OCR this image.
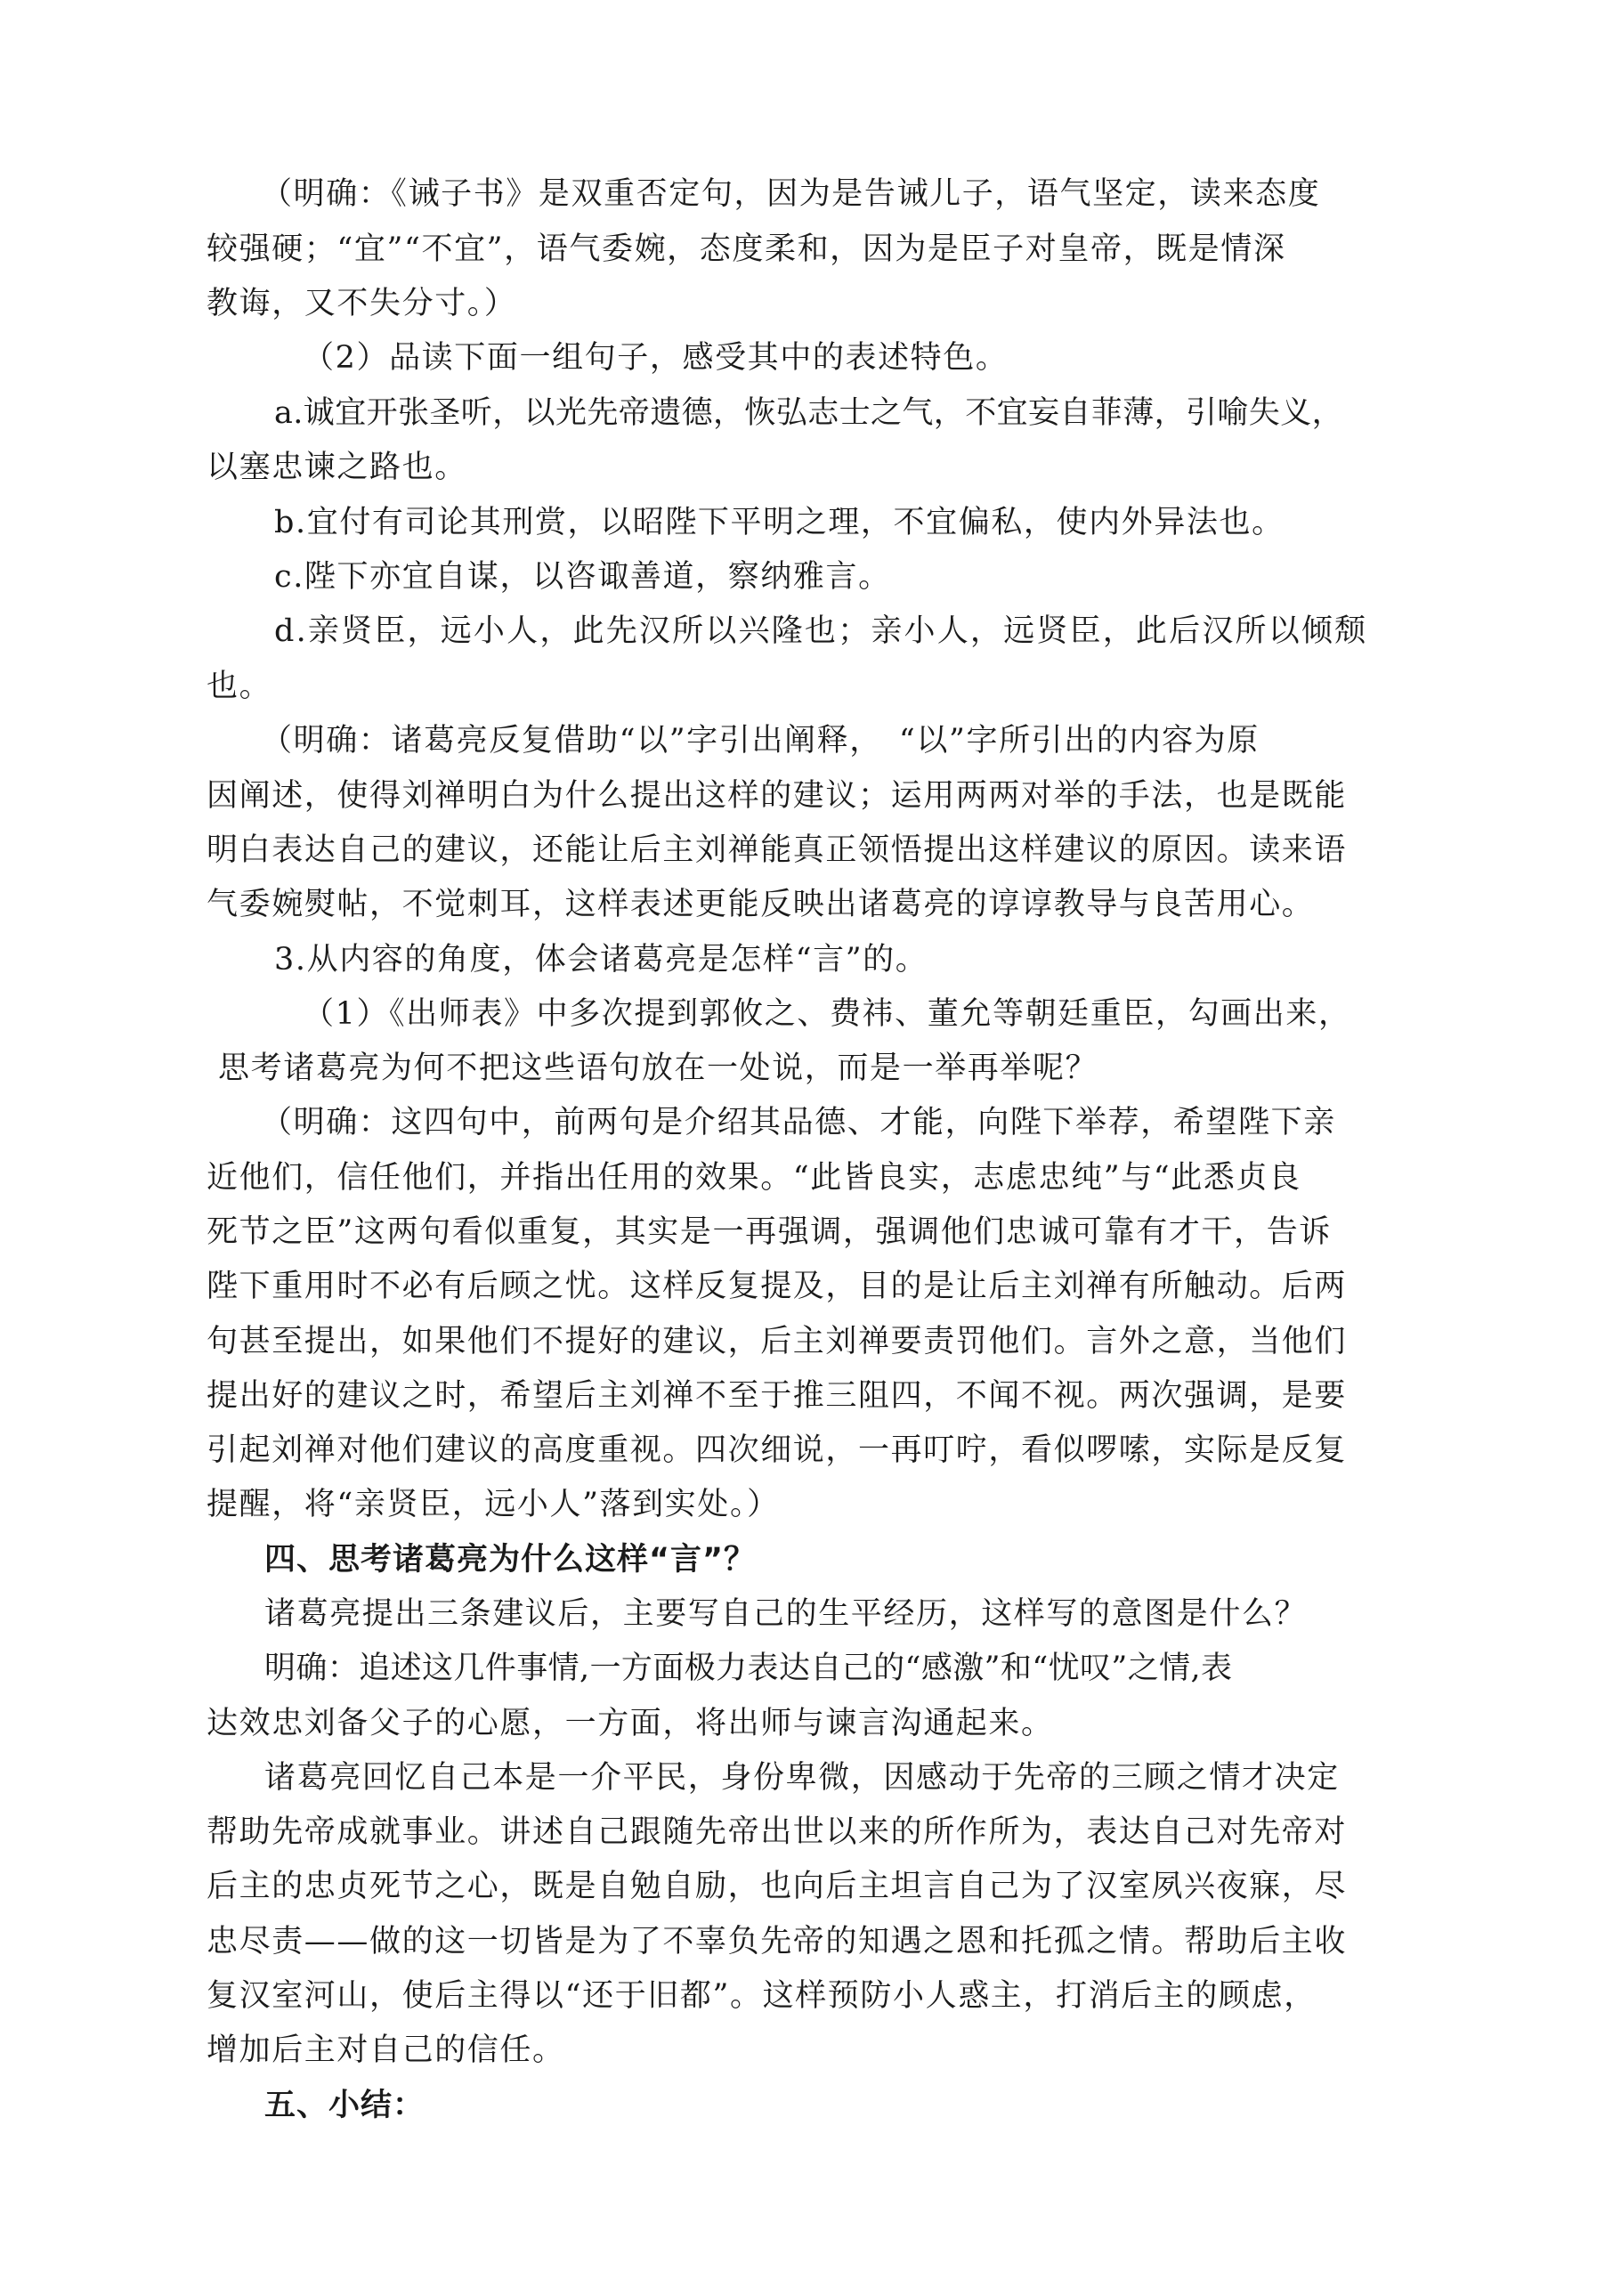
（明确：《诫子书》是双重否定句，因为是告诫儿子，语气坚定，读来态度
较强硬；“宜”“不宜”，语气委婉，态度柔和，因为是臣子对皇帝，既是情深
教诲，又不失分寸。）
（2）品读下面一组句子，感受其中的表述特色。
a.诚宜开张圣听，以光先帝遗德，恢弘志士之气，不宜妄自菲薄，引喻失义，
以塞忠谏之路也。
b.宜付有司论其刑赏，以昭陛下平明之理，不宜偏私，使内外异法也。
c.陛下亦宜自谋，以咨诹善道，察纳雅言。
d.亲贤臣，远小人，此先汉所以兴隆也；亲小人，远贤臣，此后汉所以倾颓
也。
（明确：诸葛亮反复借助“以”字引出阐释，　“以”字所引出的内容为原
因阐述，使得刘禅明白为什么提出这样的建议；运用两两对举的手法，也是既能
明白表达自己的建议，还能让后主刘禅能真正领悟提出这样建议的原因。读来语
气委婉熨帖，不觉刺耳，这样表述更能反映出诸葛亮的谆谆教导与良苦用心。
3.从内容的角度，体会诸葛亮是怎样“言”的。
（1）《出师表》中多次提到郭攸之、费祎、董允等朝廷重臣，勾画出来，
思考诸葛亮为何不把这些语句放在一处说，而是一举再举呢？
（明确：这四句中，前两句是介绍其品德、才能，向陛下举荐，希望陛下亲
近他们，信任他们，并指出任用的效果。“此皆良实，志虑忠纯”与“此悉贞良
死节之臣”这两句看似重复，其实是一再强调，强调他们忠诚可靠有才干，告诉
陛下重用时不必有后顾之忧。这样反复提及，目的是让后主刘禅有所触动。后两
句甚至提出，如果他们不提好的建议，后主刘禅要责罚他们。言外之意，当他们
提出好的建议之时，希望后主刘禅不至于推三阻四，不闻不视。两次强调，是要
引起刘禅对他们建议的高度重视。四次细说，一再叮咛，看似啰嗦，实际是反复
提醒，将“亲贤臣，远小人”落到实处。）
四、思考诸葛亮为什么这样“言”？
诸葛亮提出三条建议后，主要写自己的生平经历，这样写的意图是什么？
明确：追述这几件事情,一方面极力表达自己的“感激”和“忧叹”之情,表
达效忠刘备父子的心愿，一方面，将出师与谏言沟通起来。
诸葛亮回忆自己本是一介平民，身份卑微，因感动于先帝的三顾之情才决定
帮助先帝成就事业。讲述自己跟随先帝出世以来的所作所为，表达自己对先帝对
后主的忠贞死节之心，既是自勉自励，也向后主坦言自己为了汉室夙兴夜寐，尽
忠尽责——做的这一切皆是为了不辜负先帝的知遇之恩和托孤之情。帮助后主收
复汉室河山，使后主得以“还于旧都”。这样预防小人惑主，打消后主的顾虑，
增加后主对自己的信任。
五、小结：
